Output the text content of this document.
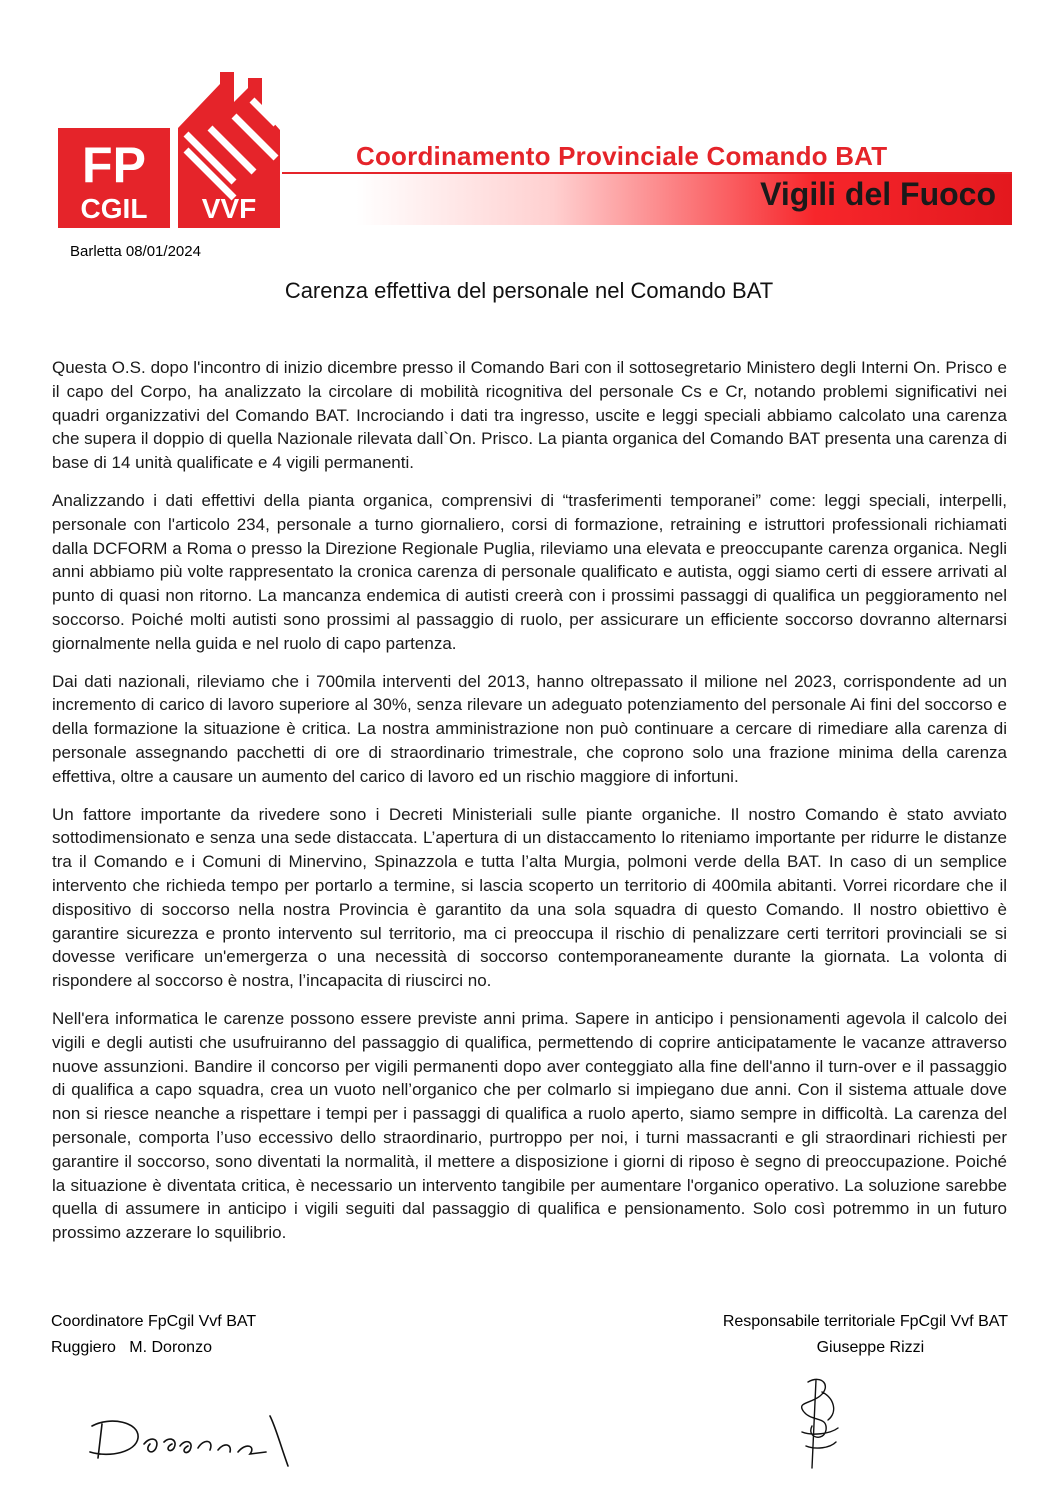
FP
CGIL VVF
Coordinamento Provinciale Comando BAT
Vigili del Fuoco
Barletta 08/01/2024
Carenza effettiva del personale nel Comando BAT

Questa O.S. dopo l'incontro di inizio dicembre presso il Comando Bari con il sottosegretario Ministero degli Interni On. Prisco e il capo del Corpo, ha analizzato la circolare di mobilità ricognitiva del personale Cs e Cr, notando problemi significativi nei quadri organizzativi del Comando BAT. Incrociando i dati tra ingresso, uscite e leggi speciali abbiamo calcolato una carenza che supera il doppio di quella Nazionale rilevata dall`On. Prisco. La pianta organica del Comando BAT presenta una carenza di base di 14 unità qualificate e 4 vigili permanenti.

Analizzando i dati effettivi della pianta organica, comprensivi di “trasferimenti temporanei” come: leggi speciali, interpelli, personale con l'articolo 234, personale a turno giornaliero, corsi di formazione, retraining e istruttori professionali richiamati dalla DCFORM a Roma o presso la Direzione Regionale Puglia, rileviamo una elevata e preoccupante carenza organica. Negli anni abbiamo più volte rappresentato la cronica carenza di personale qualificato e autista, oggi siamo certi di essere arrivati al punto di quasi non ritorno. La mancanza endemica di autisti creerà con i prossimi passaggi di qualifica un peggioramento nel soccorso. Poiché molti autisti sono prossimi al passaggio di ruolo, per assicurare un efficiente soccorso dovranno alternarsi giornalmente nella guida e nel ruolo di capo partenza.

Dai dati nazionali, rileviamo che i 700mila interventi del 2013, hanno oltrepassato il milione nel 2023, corrispondente ad un incremento di carico di lavoro superiore al 30%, senza rilevare un adeguato potenziamento del personale Ai fini del soccorso e della formazione la situazione è critica. La nostra amministrazione non può continuare a cercare di rimediare alla carenza di personale assegnando pacchetti di ore di straordinario trimestrale, che coprono solo una frazione minima della carenza effettiva, oltre a causare un aumento del carico di lavoro ed un rischio maggiore di infortuni.

Un fattore importante da rivedere sono i Decreti Ministeriali sulle piante organiche. Il nostro Comando è stato avviato sottodimensionato e senza una sede distaccata. L’apertura di un distaccamento lo riteniamo importante per ridurre le distanze tra il Comando e i Comuni di Minervino, Spinazzola e tutta l’alta Murgia, polmoni verde della BAT. In caso di un semplice intervento che richieda tempo per portarlo a termine, si lascia scoperto un territorio di 400mila abitanti. Vorrei ricordare che il dispositivo di soccorso nella nostra Provincia è garantito da una sola squadra di questo Comando. Il nostro obiettivo è garantire sicurezza e pronto intervento sul territorio, ma ci preoccupa il rischio di penalizzare certi territori provinciali se si dovesse verificare un'emergerza o una necessità di soccorso contemporaneamente durante la giornata. La volonta di rispondere al soccorso è nostra, l’incapacita di riuscirci no.

Nell'era informatica le carenze possono essere previste anni prima. Sapere in anticipo i pensionamenti agevola il calcolo dei vigili e degli autisti che usufruiranno del passaggio di qualifica, permettendo di coprire anticipatamente le vacanze attraverso nuove assunzioni. Bandire il concorso per vigili permanenti dopo aver conteggiato alla fine dell'anno il turn-over e il passaggio di qualifica a capo squadra, crea un vuoto nell’organico che per colmarlo si impiegano due anni. Con il sistema attuale dove non si riesce neanche a rispettare i tempi per i passaggi di qualifica a ruolo aperto, siamo sempre in difficoltà. La carenza del personale, comporta l’uso eccessivo dello straordinario, purtroppo per noi, i turni massacranti e gli straordinari richiesti per garantire il soccorso, sono diventati la normalità, il mettere a disposizione i giorni di riposo è segno di preoccupazione. Poiché la situazione è diventata critica, è necessario un intervento tangibile per aumentare l'organico operativo. La soluzione sarebbe quella di assumere in anticipo i vigili seguiti dal passaggio di qualifica e pensionamento. Solo così potremmo in un futuro prossimo azzerare lo squilibrio.

Coordinatore FpCgil Vvf BAT
Ruggiero   M. Doronzo
Responsabile territoriale FpCgil Vvf BAT
Giuseppe Rizzi
